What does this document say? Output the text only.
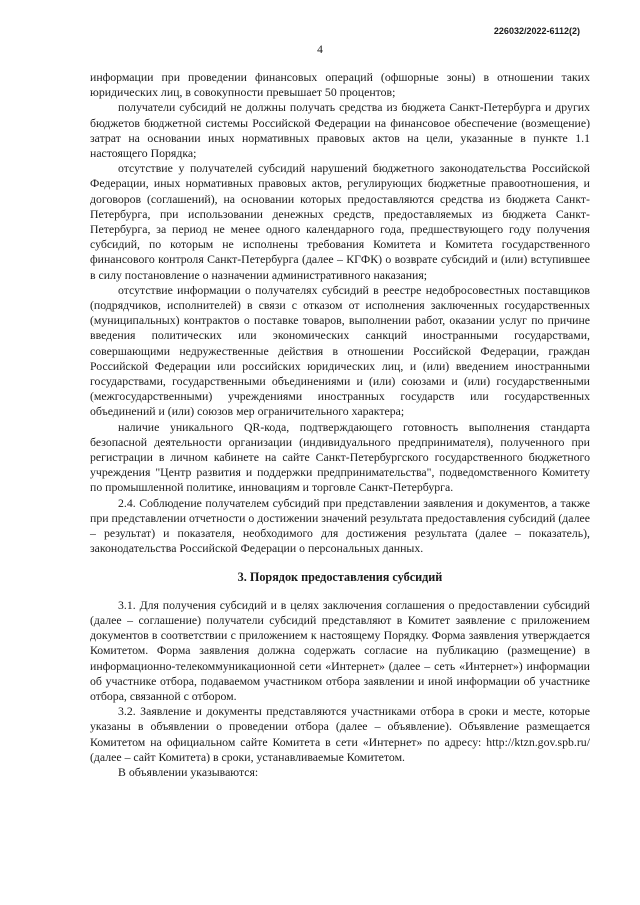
226032/2022-6112(2)
4

информации при проведении финансовых операций (офшорные зоны) в отношении таких юридических лиц, в совокупности превышает 50 процентов;

получатели субсидий не должны получать средства из бюджета Санкт-Петербурга и других бюджетов бюджетной системы Российской Федерации на финансовое обеспечение (возмещение) затрат на основании иных нормативных правовых актов на цели, указанные в пункте 1.1 настоящего Порядка;

отсутствие у получателей субсидий нарушений бюджетного законодательства Российской Федерации, иных нормативных правовых актов, регулирующих бюджетные правоотношения, и договоров (соглашений), на основании которых предоставляются средства из бюджета Санкт-Петербурга, при использовании денежных средств, предоставляемых из бюджета Санкт-Петербурга, за период не менее одного календарного года, предшествующего году получения субсидий, по которым не исполнены требования Комитета и Комитета государственного финансового контроля Санкт-Петербурга (далее – КГФК) о возврате субсидий и (или) вступившее в силу постановление о назначении административного наказания;

отсутствие информации о получателях субсидий в реестре недобросовестных поставщиков (подрядчиков, исполнителей) в связи с отказом от исполнения заключенных государственных (муниципальных) контрактов о поставке товаров, выполнении работ, оказании услуг по причине введения политических или экономических санкций иностранными государствами, совершающими недружественные действия в отношении Российской Федерации, граждан Российской Федерации или российских юридических лиц, и (или) введением иностранными государствами, государственными объединениями и (или) союзами и (или) государственными (межгосударственными) учреждениями иностранных государств или государственных объединений и (или) союзов мер ограничительного характера;

наличие уникального QR-кода, подтверждающего готовность выполнения стандарта безопасной деятельности организации (индивидуального предпринимателя), полученного при регистрации в личном кабинете на сайте Санкт-Петербургского государственного бюджетного учреждения "Центр развития и поддержки предпринимательства", подведомственного Комитету по промышленной политике, инновациям и торговле Санкт-Петербурга.

2.4. Соблюдение получателем субсидий при представлении заявления и документов, а также при представлении отчетности о достижении значений результата предоставления субсидий (далее – результат) и показателя, необходимого для достижения результата (далее – показатель), законодательства Российской Федерации о персональных данных.

3. Порядок предоставления субсидий

3.1. Для получения субсидий и в целях заключения соглашения о предоставлении субсидий (далее – соглашение) получатели субсидий представляют в Комитет заявление с приложением документов в соответствии с приложением к настоящему Порядку. Форма заявления утверждается Комитетом. Форма заявления должна содержать согласие на публикацию (размещение) в информационно-телекоммуникационной сети «Интернет» (далее – сеть «Интернет») информации об участнике отбора, подаваемом участником отбора заявлении и иной информации об участнике отбора, связанной с отбором.

3.2. Заявление и документы представляются участниками отбора в сроки и месте, которые указаны в объявлении о проведении отбора (далее – объявление). Объявление размещается Комитетом на официальном сайте Комитета в сети «Интернет» по адресу: http://ktzn.gov.spb.ru/ (далее – сайт Комитета) в сроки, устанавливаемые Комитетом.

В объявлении указываются:
